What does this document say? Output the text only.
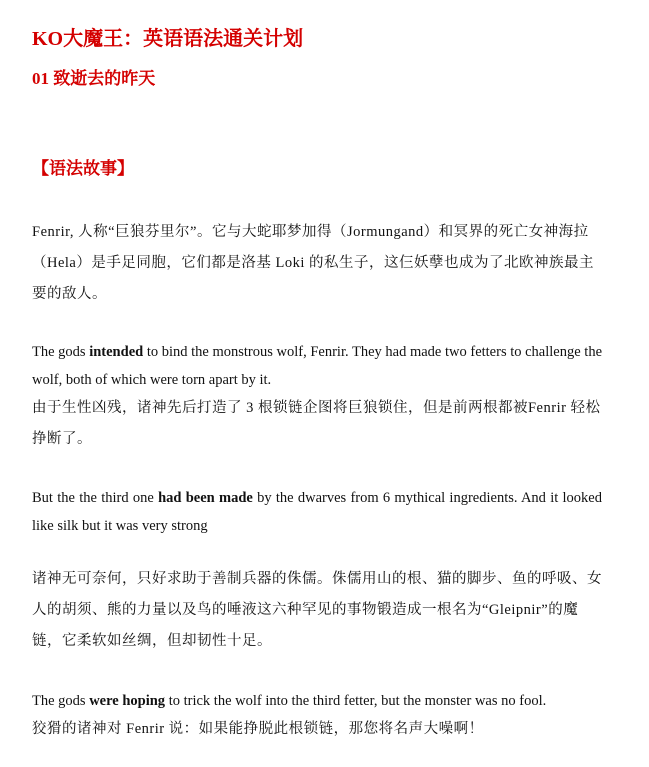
KO大魔王：英语语法通关计划
01 致逝去的昨天
【语法故事】

Fenrir, 人称“巨狼芬里尔”。它与大蛇耶梦加得（Jormungand）和冥界的死亡女神海拉（Hela）是手足同胞，它们都是洛基 Loki 的私生子，这仨妖孽也成为了北欧神族最主要的敌人。

The gods intended to bind the monstrous wolf, Fenrir. They had made two fetters to challenge the wolf, both of which were torn apart by it.

由于生性凶残，诸神先后打造了 3 根锁链企图将巨狼锁住，但是前两根都被Fenrir 轻松挣断了。

But the the third one had been made by the dwarves from 6 mythical ingredients. And it looked like silk but it was very strong

诸神无可奈何，只好求助于善制兵器的侏儒。侏儒用山的根、猫的脚步、鱼的呼吸、女人的胡须、熊的力量以及鸟的唾液这六种罕见的事物锻造成一根名为“Gleipnir”的魔链，它柔软如丝绸，但却韧性十足。

The gods were hoping to trick the wolf into the third fetter, but the monster was no fool.

狡猾的诸神对 Fenrir 说：如果能挣脱此根锁链，那您将名声大噪啊！
